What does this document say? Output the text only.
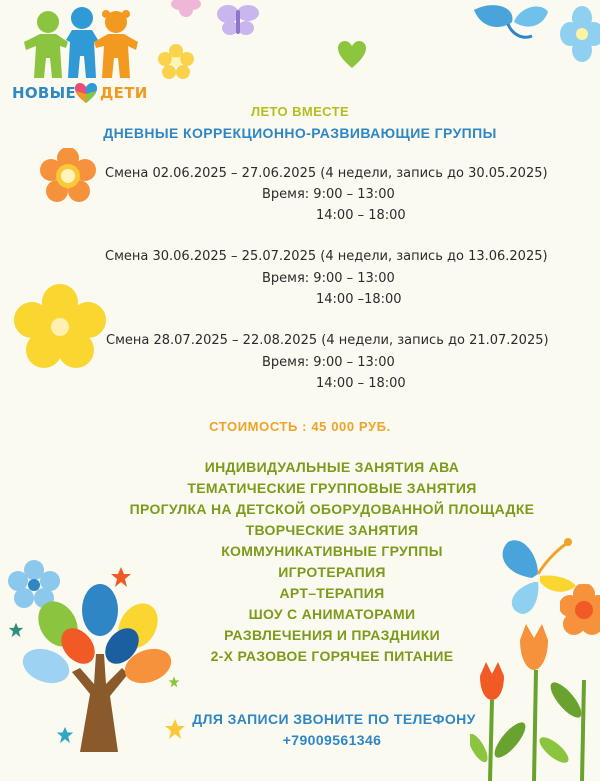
НОВЫЕ ДЕТИ
ЛЕТО ВМЕСТЕ
ДНЕВНЫЕ КОРРЕКЦИОННО-РАЗВИВАЮЩИЕ ГРУППЫ
Смена 02.06.2025 – 27.06.2025 (4 недели, запись до 30.05.2025)
Время: 9:00 – 13:00
14:00 – 18:00
Смена 30.06.2025 – 25.07.2025 (4 недели, запись до 13.06.2025)
Время: 9:00 – 13:00
14:00 –18:00
Смена 28.07.2025 – 22.08.2025 (4 недели, запись до 21.07.2025)
Время: 9:00 – 13:00
14:00 – 18:00
СТОИМОСТЬ : 45 000 РУБ.
ИНДИВИДУАЛЬНЫЕ ЗАНЯТИЯ АВА
ТЕМАТИЧЕСКИЕ ГРУППОВЫЕ ЗАНЯТИЯ
ПРОГУЛКА НА ДЕТСКОЙ ОБОРУДОВАННОЙ ПЛОЩАДКЕ
ТВОРЧЕСКИЕ ЗАНЯТИЯ
КОММУНИКАТИВНЫЕ ГРУППЫ
ИГРОТЕРАПИЯ
АРТ–ТЕРАПИЯ
ШОУ С АНИМАТОРАМИ
РАЗВЛЕЧЕНИЯ И ПРАЗДНИКИ
2-Х РАЗОВОЕ ГОРЯЧЕЕ ПИТАНИЕ
ДЛЯ ЗАПИСИ ЗВОНИТЕ ПО ТЕЛЕФОНУ
+79009561346
